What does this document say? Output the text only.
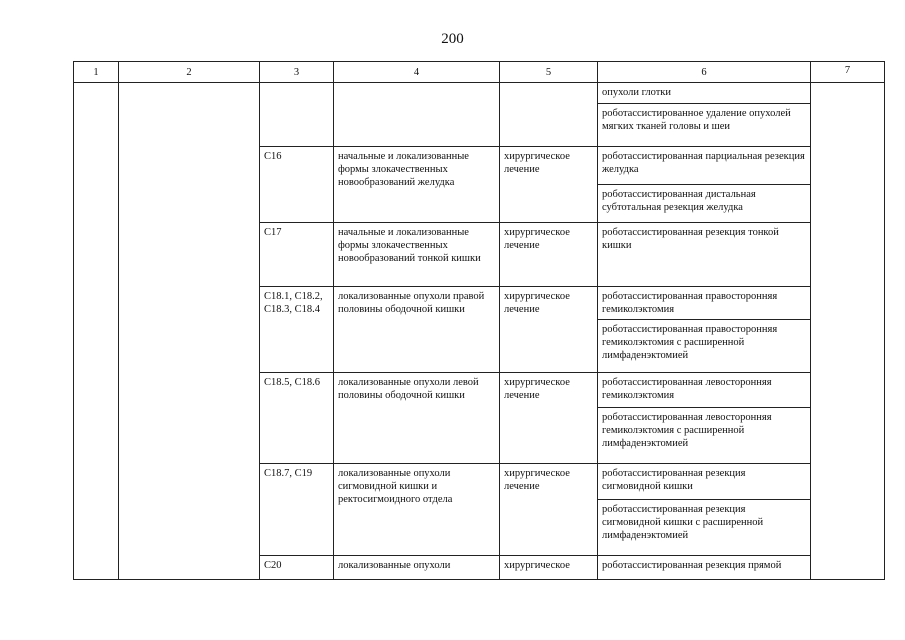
200
1	2	3	4	5	6	7
					опухоли глотки	
					роботассистированное удаление опухолей мягких тканей головы и шеи	
		C16	начальные и локализованные формы злокачественных новообразований желудка	хирургическое лечение	роботассистированная парциальная резекция желудка	
					роботассистированная дистальная субтотальная резекция желудка	
		C17	начальные и локализованные формы злокачественных новообразований тонкой кишки	хирургическое лечение	роботассистированная резекция тонкой кишки	
		C18.1, C18.2, C18.3, C18.4	локализованные опухоли правой половины ободочной кишки	хирургическое лечение	роботассистированная правосторонняя гемиколэктомия	
					роботассистированная правосторонняя гемиколэктомия с расширенной лимфаденэктомией	
		C18.5, C18.6	локализованные опухоли левой половины ободочной кишки	хирургическое лечение	роботассистированная левосторонняя гемиколэктомия	
					роботассистированная левосторонняя гемиколэктомия с расширенной лимфаденэктомией	
		C18.7, C19	локализованные опухоли сигмовидной кишки и ректосигмоидного отдела	хирургическое лечение	роботассистированная резекция сигмовидной кишки	
					роботассистированная резекция сигмовидной кишки с расширенной лимфаденэктомией	
		C20	локализованные опухоли	хирургическое	роботассистированная резекция прямой	
